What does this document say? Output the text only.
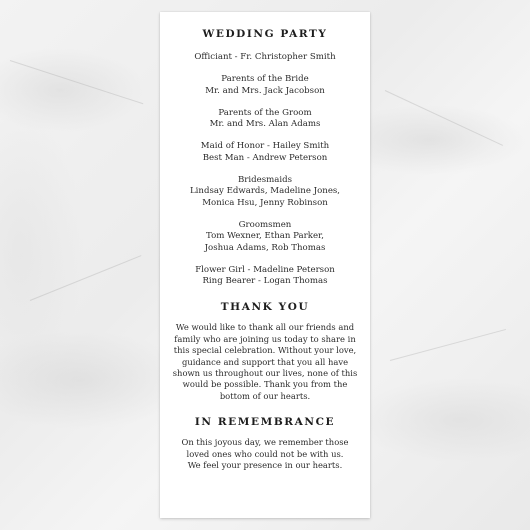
WEDDING PARTY

Officiant - Fr. Christopher Smith

Parents of the Bride

Mr. and Mrs. Jack Jacobson

Parents of the Groom

Mr. and Mrs. Alan Adams

Maid of Honor - Hailey Smith

Best Man - Andrew Peterson

Bridesmaids

Lindsay Edwards, Madeline Jones,

Monica Hsu, Jenny Robinson

Groomsmen

Tom Wexner, Ethan Parker,

Joshua Adams, Rob Thomas

Flower Girl - Madeline Peterson

Ring Bearer - Logan Thomas

THANK YOU

We would like to thank all our friends and

family who are joining us today to share in

this special celebration. Without your love,

guidance and support that you all have

shown us throughout our lives, none of this

would be possible. Thank you from the

bottom of our hearts.

IN REMEMBRANCE

On this joyous day, we remember those

loved ones who could not be with us.

We feel your presence in our hearts.
